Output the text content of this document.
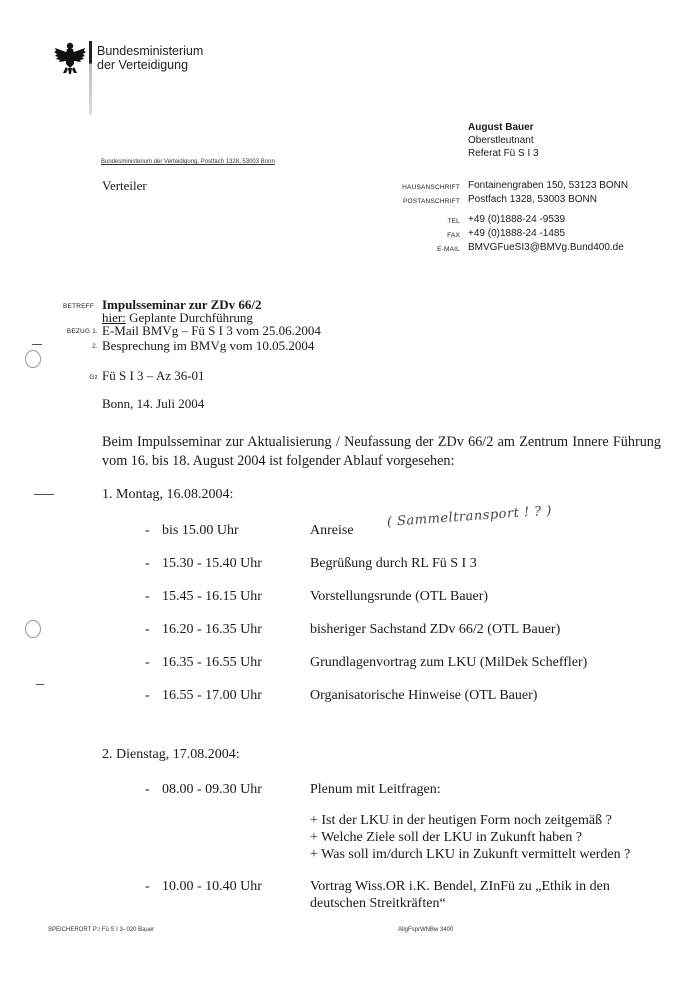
Bundesministerium
der Verteidigung
August Bauer
Oberstleutnant
Referat Fü S I 3
Bundesministerium der Verteidigung, Postfach 1328, 53003 Bonn
Verteiler	HAUSANSCHRIFT Fontainengraben 150, 53123 BONN
POSTANSCHRIFT Postfach 1328, 53003 BONN
TEL +49 (0)1888-24 -9539
FAX +49 (0)1888-24 -1485
E-MAIL BMVGFueSI3@BMVg.Bund400.de
BETREFF Impulsseminar zur ZDv 66/2
hier: Geplante Durchführung
BEZUG 1. E-Mail BMVg – Fü S I 3 vom 25.06.2004
2. Besprechung im BMVg vom 10.05.2004
Gz Fü S I 3 – Az 36-01
Bonn, 14. Juli 2004
Beim Impulsseminar zur Aktualisierung / Neufassung der ZDv 66/2 am Zentrum Innere Führung vom 16. bis 18. August 2004 ist folgender Ablauf vorgesehen:
1. Montag, 16.08.2004:
- bis 15.00 Uhr	Anreise
( Sammeltransport ! ? )
- 15.30 - 15.40 Uhr	Begrüßung durch RL Fü S I 3
- 15.45 - 16.15 Uhr	Vorstellungsrunde (OTL Bauer)
- 16.20 - 16.35 Uhr	bisheriger Sachstand ZDv 66/2 (OTL Bauer)
- 16.35 - 16.55 Uhr	Grundlagenvortrag zum LKU (MilDek Scheffler)
- 16.55 - 17.00 Uhr	Organisatorische Hinweise (OTL Bauer)
2. Dienstag, 17.08.2004:
- 08.00 - 09.30 Uhr	Plenum mit Leitfragen:
+ Ist der LKU in der heutigen Form noch zeitgemäß ?
+ Welche Ziele soll der LKU in Zukunft haben ?
+ Was soll im/durch LKU in Zukunft vermittelt werden ?
- 10.00 - 10.40 Uhr	Vortrag Wiss.OR i.K. Bendel, ZInFü zu „Ethik in den
deutschen Streitkräften“
SPEICHERORT P:/ Fü S I 3- 020 Bauer	AllgFsprWNBw 3400
